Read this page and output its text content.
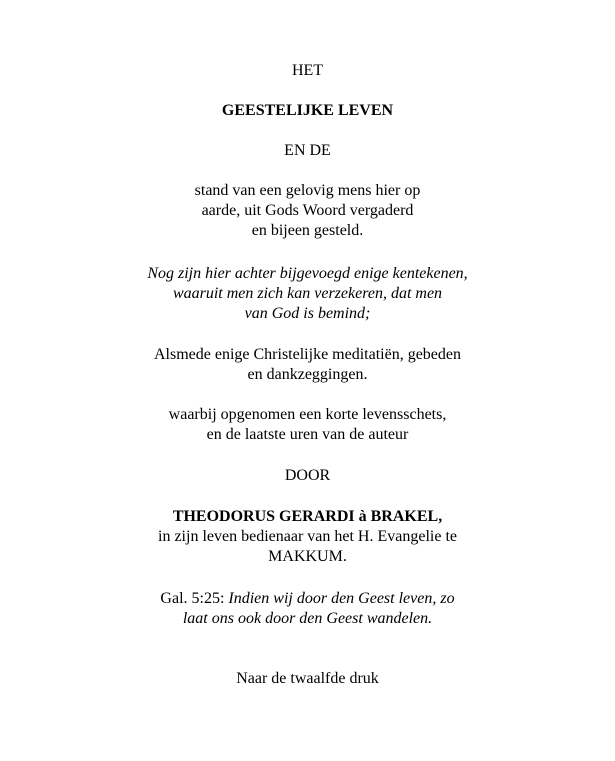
HET
GEESTELIJKE LEVEN
EN DE
stand van een gelovig mens hier op
aarde, uit Gods Woord vergaderd
en bijeen gesteld.
Nog zijn hier achter bijgevoegd enige kentekenen,
waaruit men zich kan verzekeren, dat men
van God is bemind;
Alsmede enige Christelijke meditatiën, gebeden
en dankzeggingen.
waarbij opgenomen een korte levensschets,
en de laatste uren van de auteur
DOOR
THEODORUS GERARDI à BRAKEL,
in zijn leven bedienaar van het H. Evangelie te
MAKKUM.
Gal. 5:25: Indien wij door den Geest leven, zo
laat ons ook door den Geest wandelen.
Naar de twaalfde druk
